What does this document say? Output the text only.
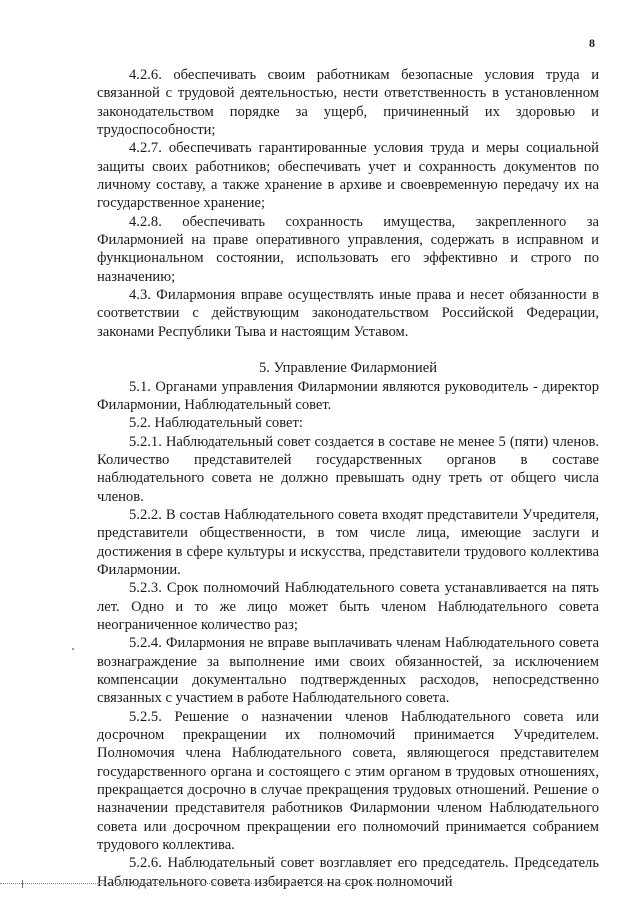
8

4.2.6. обеспечивать своим работникам безопасные условия труда и связанной с трудовой деятельностью, нести ответственность в установленном законодательством порядке за ущерб, причиненный их здоровью и трудоспособности;

4.2.7. обеспечивать гарантированные условия труда и меры социальной защиты своих работников; обеспечивать учет и сохранность документов по личному составу, а также хранение в архиве и своевременную передачу их на государственное хранение;

4.2.8. обеспечивать сохранность имущества, закрепленного за Филармонией на праве оперативного управления, содержать в исправном и функциональном состоянии, использовать его эффективно и строго по назначению;

4.3. Филармония вправе осуществлять иные права и несет обязанности в соответствии с действующим законодательством Российской Федерации, законами Республики Тыва и настоящим Уставом.

5. Управление Филармонией

5.1. Органами управления Филармонии являются руководитель - директор Филармонии, Наблюдательный совет.

5.2. Наблюдательный совет:

5.2.1. Наблюдательный совет создается в составе не менее 5 (пяти) членов. Количество представителей государственных органов в составе наблюдательного совета не должно превышать одну треть от общего числа членов.

5.2.2. В состав Наблюдательного совета входят представители Учредителя, представители общественности, в том числе лица, имеющие заслуги и достижения в сфере культуры и искусства, представители трудового коллектива Филармонии.

5.2.3. Срок полномочий Наблюдательного совета устанавливается на пять лет. Одно и то же лицо может быть членом Наблюдательного совета неограниченное количество раз;

5.2.4. Филармония не вправе выплачивать членам Наблюдательного совета вознаграждение за выполнение ими своих обязанностей, за исключением компенсации документально подтвержденных расходов, непосредственно связанных с участием в работе Наблюдательного совета.

5.2.5. Решение о назначении членов Наблюдательного совета или досрочном прекращении их полномочий принимается Учредителем. Полномочия члена Наблюдательного совета, являющегося представителем государственного органа и состоящего с этим органом в трудовых отношениях, прекращается досрочно в случае прекращения трудовых отношений. Решение о назначении представителя работников Филармонии членом Наблюдательного совета или досрочном прекращении его полномочий принимается собранием трудового коллектива.

5.2.6. Наблюдательный совет возглавляет его председатель. Председатель Наблюдательного совета избирается на срок полномочий
